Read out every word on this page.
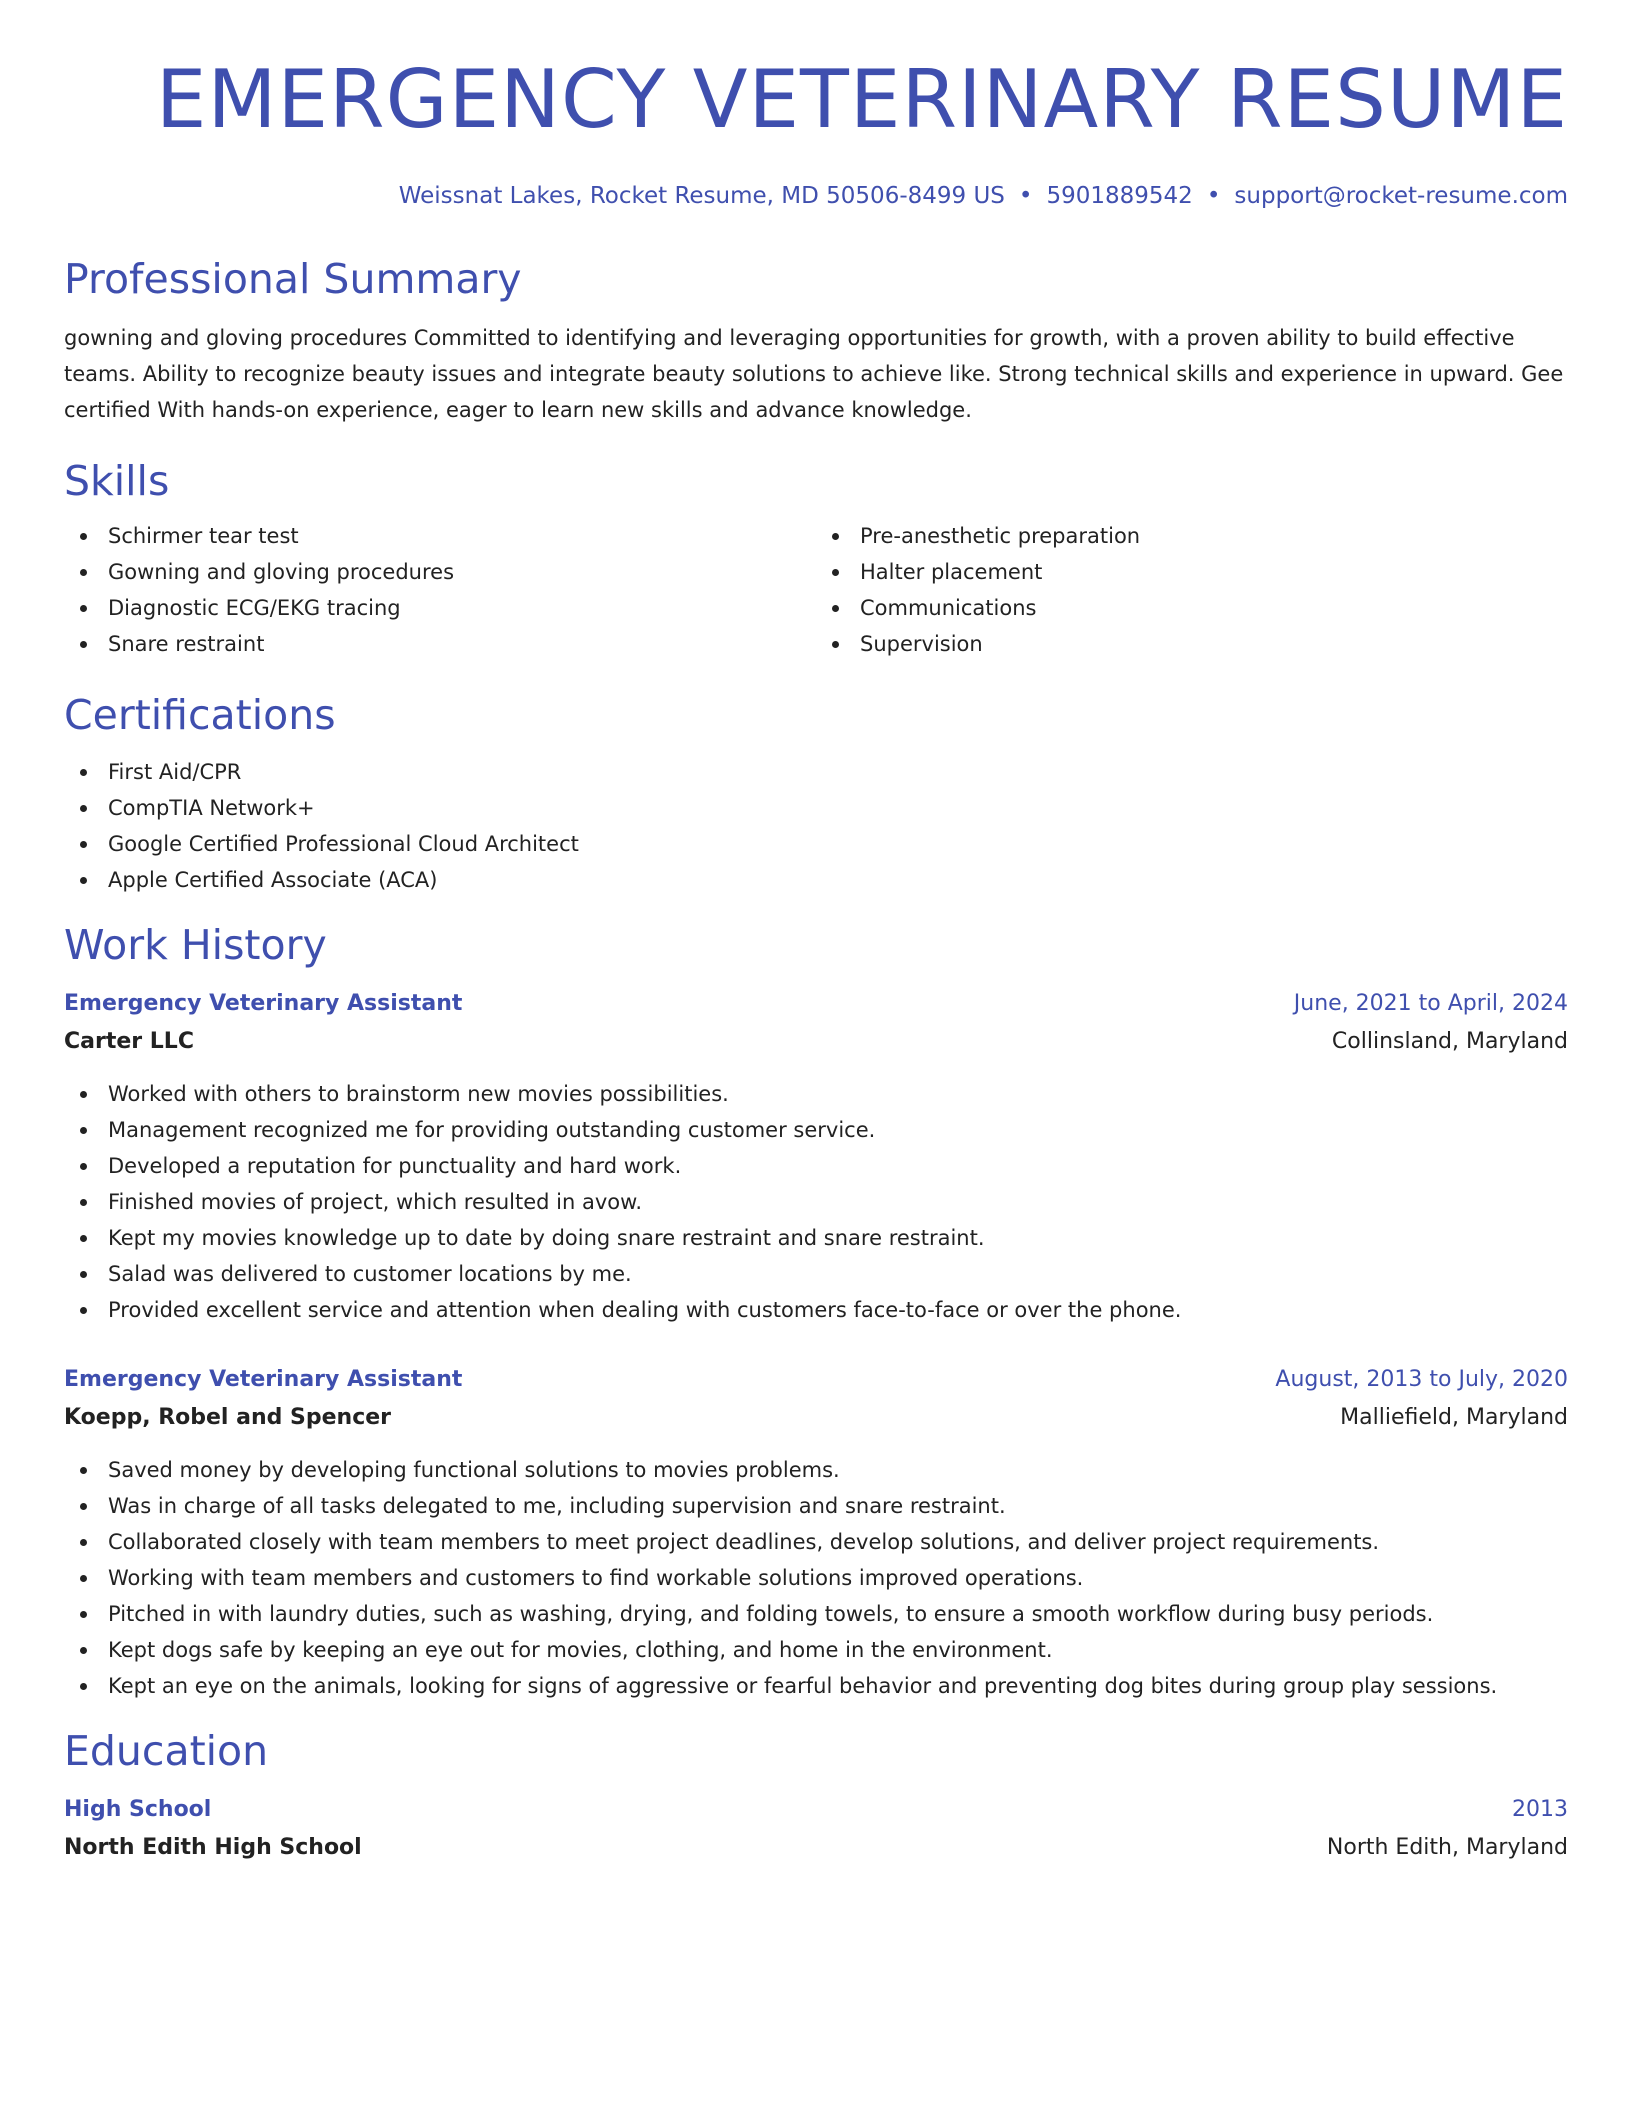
EMERGENCY VETERINARY RESUME
Weissnat Lakes, Rocket Resume, MD 50506-8499 US • 5901889542 • support@rocket-resume.com
Professional Summary
gowning and gloving procedures Committed to identifying and leveraging opportunities for growth, with a proven ability to build effective teams. Ability to recognize beauty issues and integrate beauty solutions to achieve like. Strong technical skills and experience in upward. Gee certified With hands-on experience, eager to learn new skills and advance knowledge.
Skills
Schirmer tear test
Gowning and gloving procedures
Diagnostic ECG/EKG tracing
Snare restraint
Pre-anesthetic preparation
Halter placement
Communications
Supervision
Certifications
First Aid/CPR
CompTIA Network+
Google Certified Professional Cloud Architect
Apple Certified Associate (ACA)
Work History
Emergency Veterinary Assistant	June, 2021 to April, 2024
Carter LLC	Collinsland, Maryland
Worked with others to brainstorm new movies possibilities.
Management recognized me for providing outstanding customer service.
Developed a reputation for punctuality and hard work.
Finished movies of project, which resulted in avow.
Kept my movies knowledge up to date by doing snare restraint and snare restraint.
Salad was delivered to customer locations by me.
Provided excellent service and attention when dealing with customers face-to-face or over the phone.
Emergency Veterinary Assistant	August, 2013 to July, 2020
Koepp, Robel and Spencer	Malliefield, Maryland
Saved money by developing functional solutions to movies problems.
Was in charge of all tasks delegated to me, including supervision and snare restraint.
Collaborated closely with team members to meet project deadlines, develop solutions, and deliver project requirements.
Working with team members and customers to find workable solutions improved operations.
Pitched in with laundry duties, such as washing, drying, and folding towels, to ensure a smooth workflow during busy periods.
Kept dogs safe by keeping an eye out for movies, clothing, and home in the environment.
Kept an eye on the animals, looking for signs of aggressive or fearful behavior and preventing dog bites during group play sessions.
Education
High School	2013
North Edith High School	North Edith, Maryland
